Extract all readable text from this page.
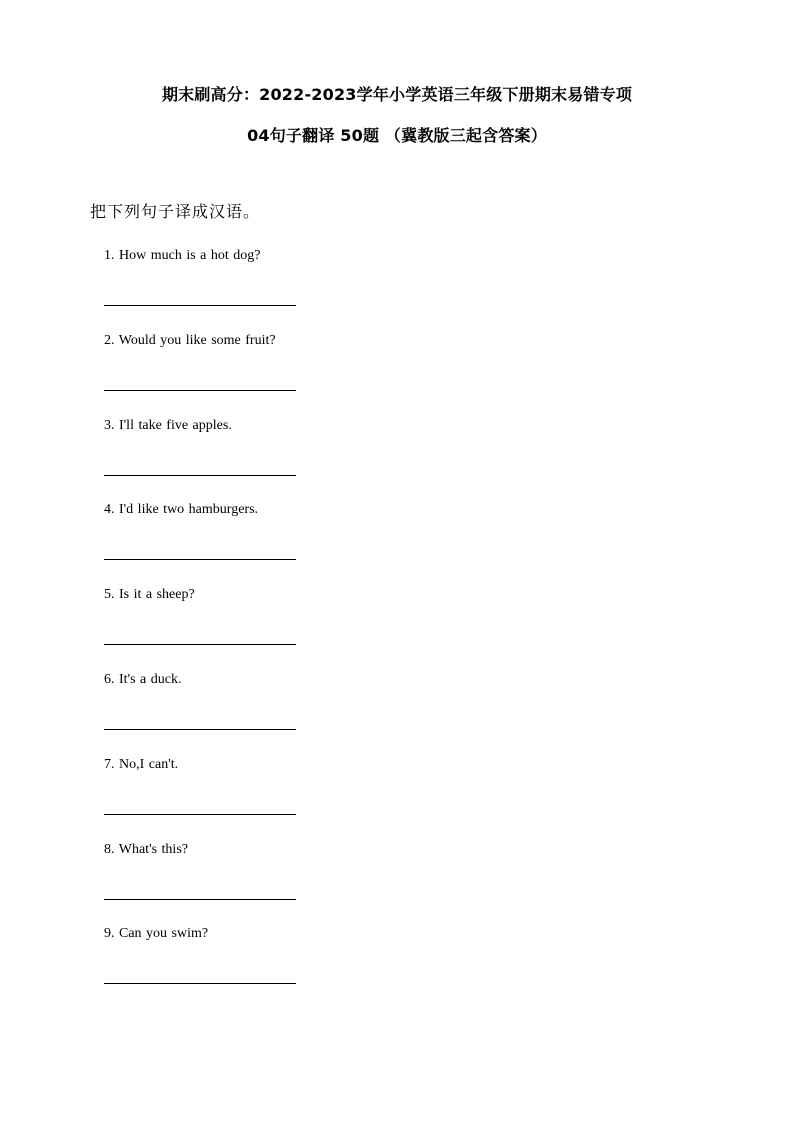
期末刷高分：2022-2023学年小学英语三年级下册期末易错专项
04句子翻译 50题 （冀教版三起含答案）
把下列句子译成汉语。
1. How much is a hot dog?
2. Would you like some fruit?
3. I'll take five apples.
4. I'd like two hamburgers.
5. Is it a sheep?
6. It's a duck.
7. No,I can't.
8. What's this?
9. Can you swim?
